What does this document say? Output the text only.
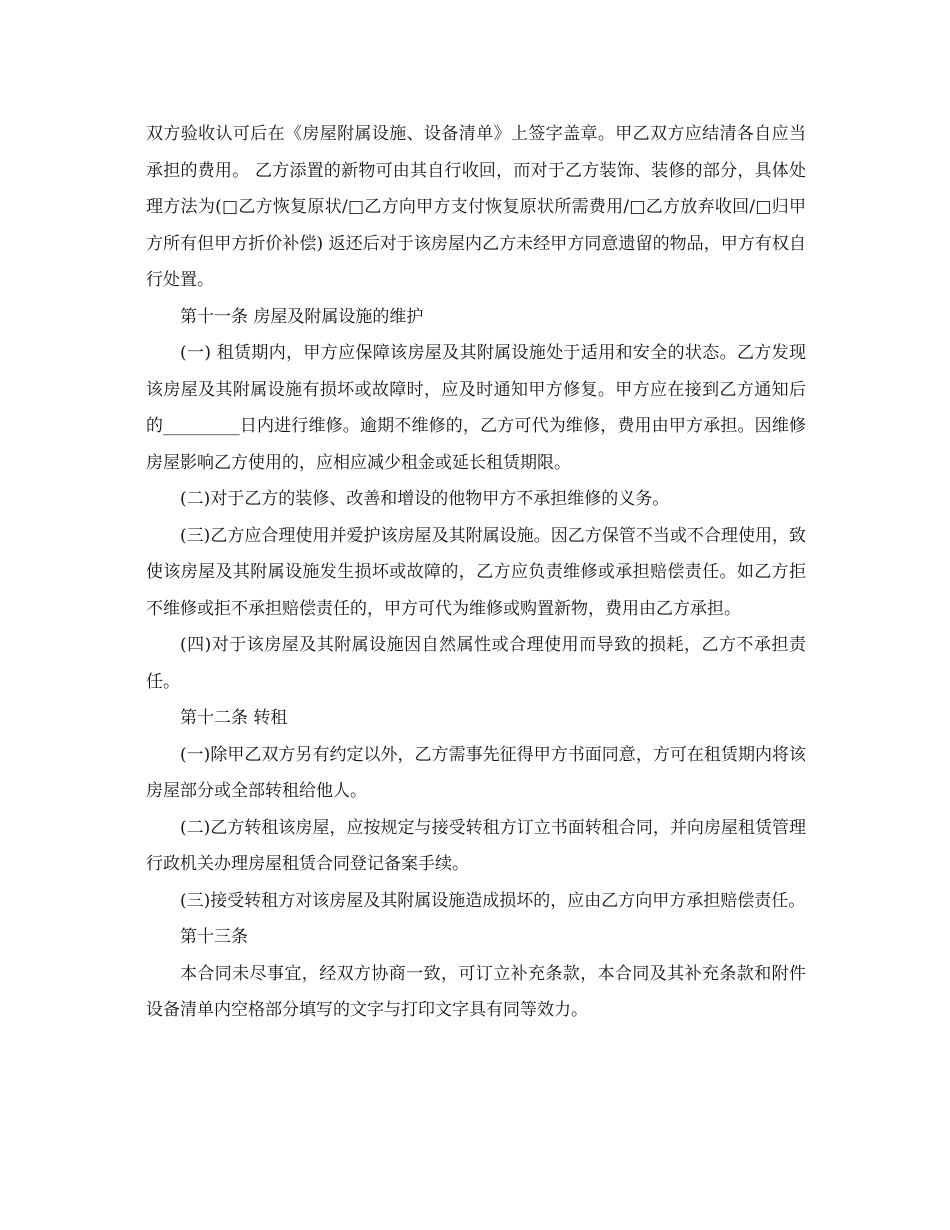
双方验收认可后在《房屋附属设施、设备清单》上签字盖章。甲乙双方应结清各自应当承担的费用。 乙方添置的新物可由其自行收回，而对于乙方装饰、装修的部分，具体处理方法为(□乙方恢复原状/□乙方向甲方支付恢复原状所需费用/□乙方放弃收回/□归甲方所有但甲方折价补偿) 返还后对于该房屋内乙方未经甲方同意遗留的物品，甲方有权自行处置。

第十一条 房屋及附属设施的维护

(一) 租赁期内，甲方应保障该房屋及其附属设施处于适用和安全的状态。乙方发现该房屋及其附属设施有损坏或故障时，应及时通知甲方修复。甲方应在接到乙方通知后的_________日内进行维修。逾期不维修的，乙方可代为维修，费用由甲方承担。因维修房屋影响乙方使用的，应相应减少租金或延长租赁期限。

(二)对于乙方的装修、改善和增设的他物甲方不承担维修的义务。

(三)乙方应合理使用并爱护该房屋及其附属设施。因乙方保管不当或不合理使用，致使该房屋及其附属设施发生损坏或故障的，乙方应负责维修或承担赔偿责任。如乙方拒不维修或拒不承担赔偿责任的，甲方可代为维修或购置新物，费用由乙方承担。

(四)对于该房屋及其附属设施因自然属性或合理使用而导致的损耗，乙方不承担责任。

第十二条 转租

(一)除甲乙双方另有约定以外，乙方需事先征得甲方书面同意，方可在租赁期内将该房屋部分或全部转租给他人。

(二)乙方转租该房屋，应按规定与接受转租方订立书面转租合同，并向房屋租赁管理行政机关办理房屋租赁合同登记备案手续。

(三)接受转租方对该房屋及其附属设施造成损坏的，应由乙方向甲方承担赔偿责任。

第十三条

本合同未尽事宜，经双方协商一致，可订立补充条款，本合同及其补充条款和附件设备清单内空格部分填写的文字与打印文字具有同等效力。
